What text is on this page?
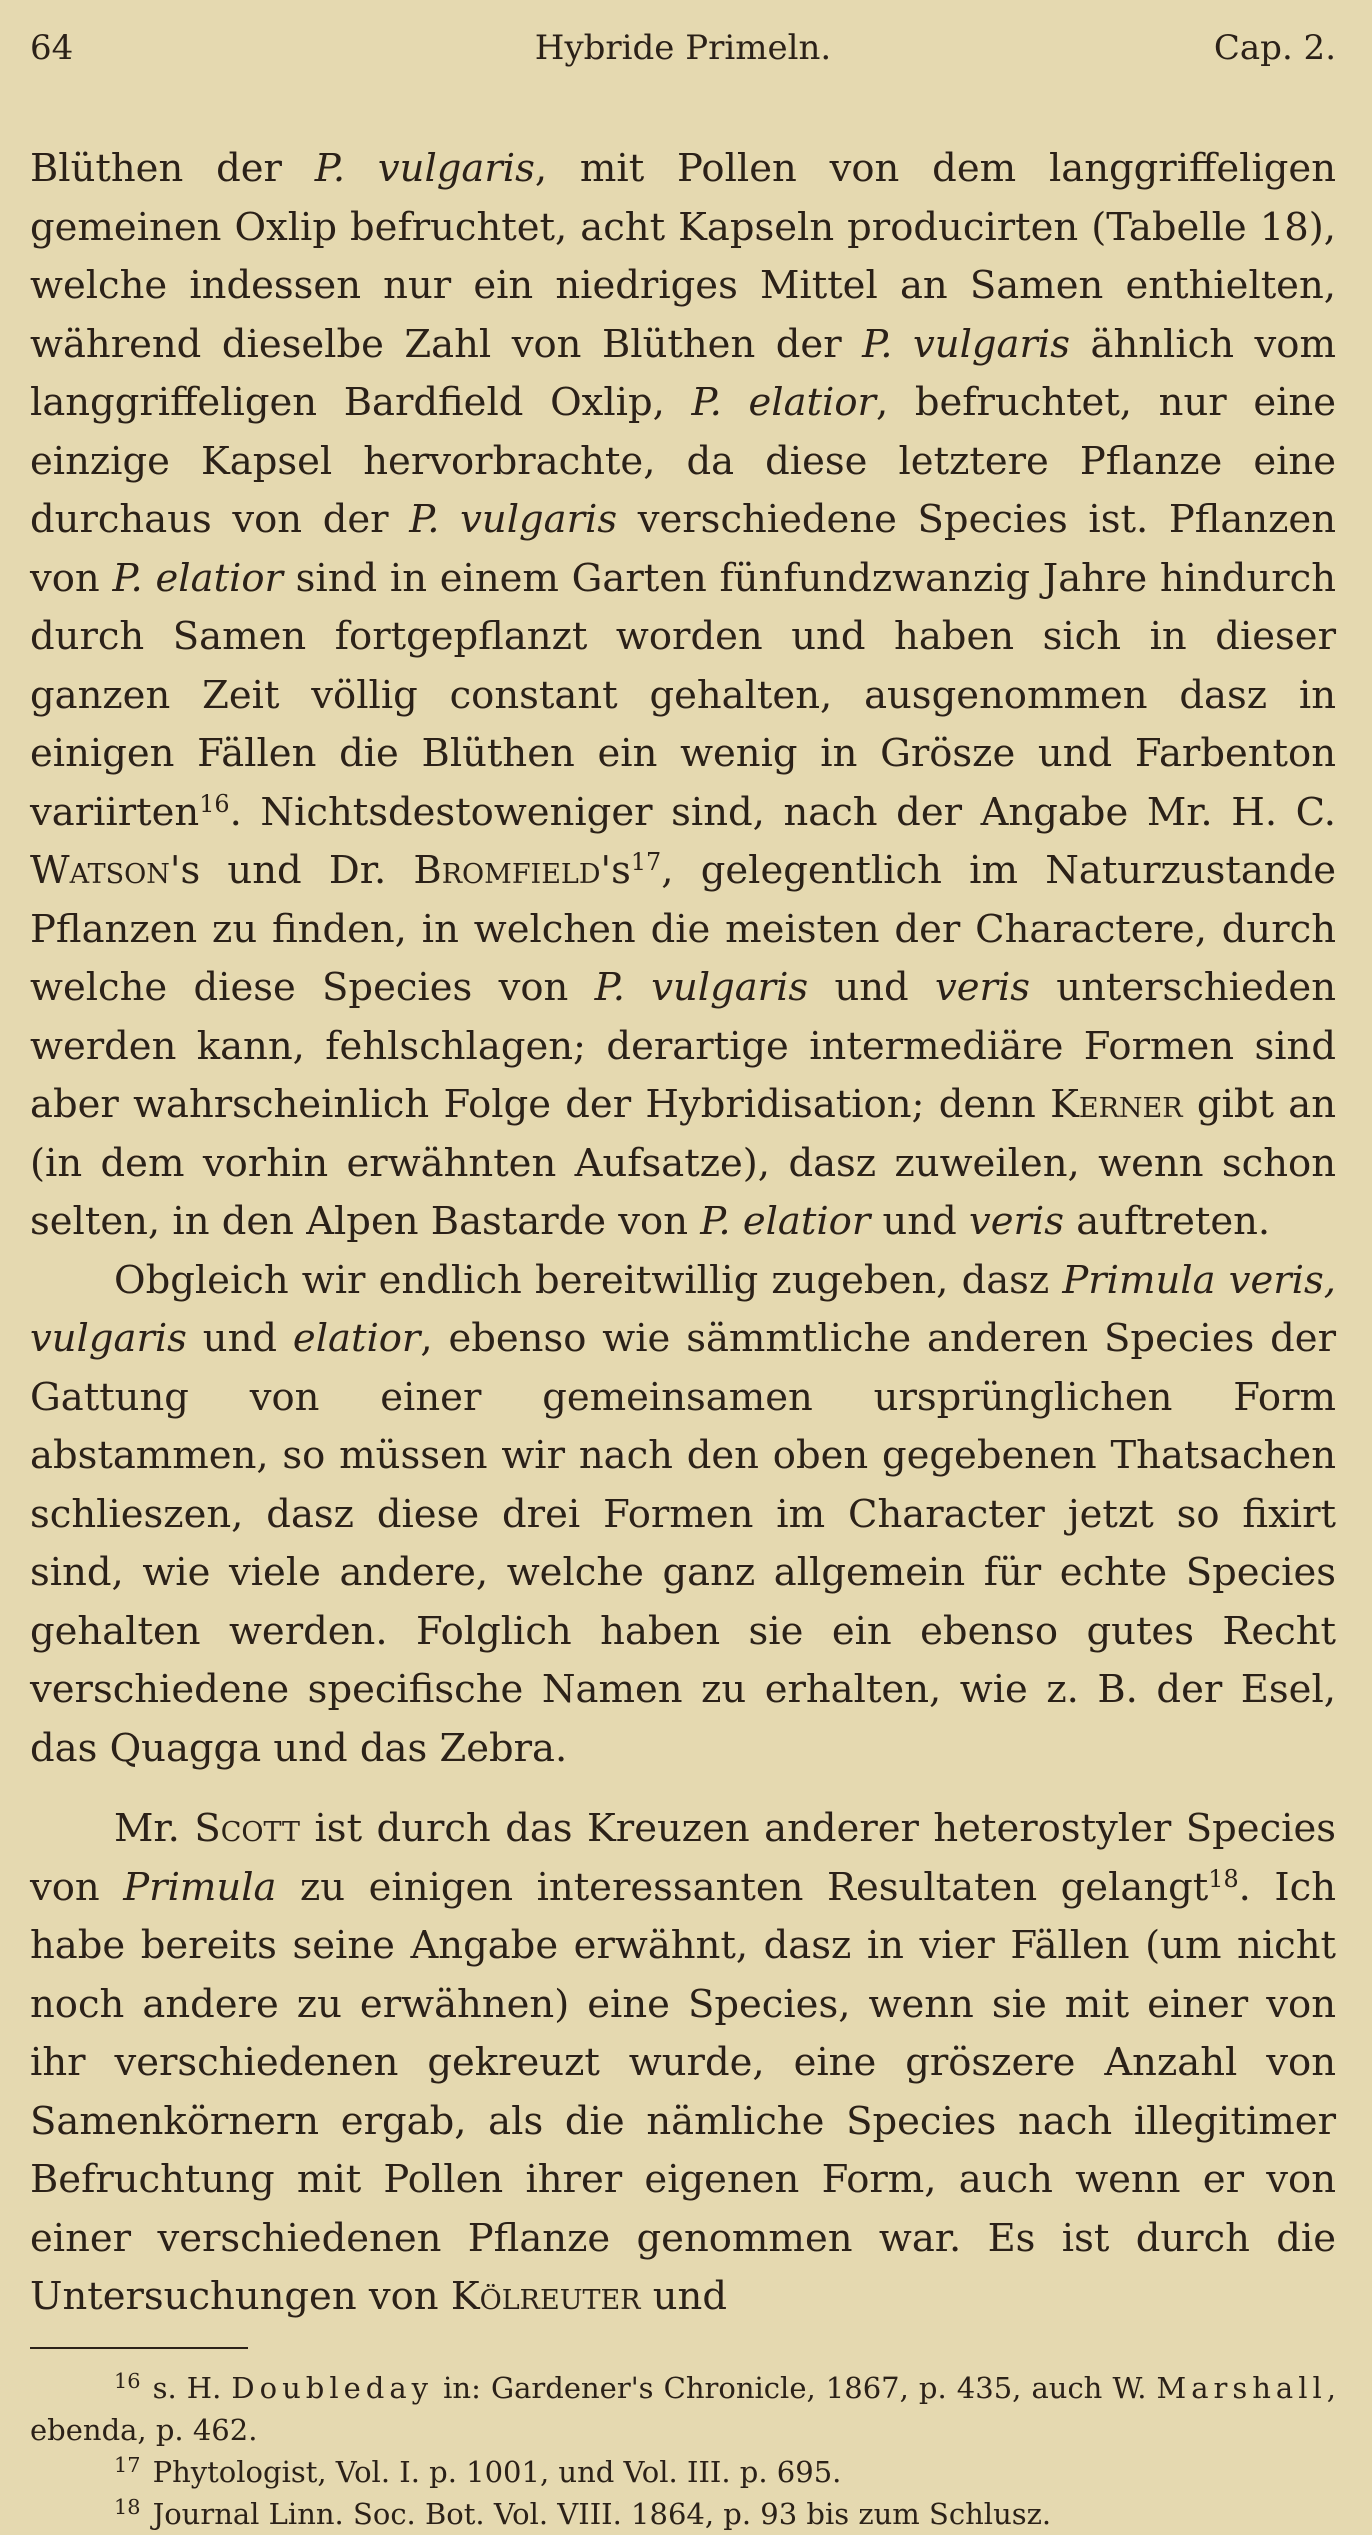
64	Hybride Primeln.	Cap. 2.

Blüthen der P. vulgaris, mit Pollen von dem langgriffeligen gemeinen Oxlip befruchtet, acht Kapseln producirten (Tabelle 18), welche indessen nur ein niedriges Mittel an Samen enthielten, während dieselbe Zahl von Blüthen der P. vulgaris ähnlich vom langgriffeligen Bardfield Oxlip, P. elatior, befruchtet, nur eine einzige Kapsel hervorbrachte, da diese letztere Pflanze eine durchaus von der P. vulgaris verschiedene Species ist. Pflanzen von P. elatior sind in einem Garten fünfundzwanzig Jahre hindurch durch Samen fortgepflanzt worden und haben sich in dieser ganzen Zeit völlig constant gehalten, ausgenommen dasz in einigen Fällen die Blüthen ein wenig in Grösze und Farbenton variirten$^{16}$. Nichtsdestoweniger sind, nach der Angabe Mr. H. C. Watson's und Dr. Bromfield's$^{17}$, gelegentlich im Naturzustande Pflanzen zu finden, in welchen die meisten der Charactere, durch welche diese Species von P. vulgaris und veris unterschieden werden kann, fehlschlagen; derartige intermediäre Formen sind aber wahrscheinlich Folge der Hybridisation; denn Kerner gibt an (in dem vorhin erwähnten Aufsatze), dasz zuweilen, wenn schon selten, in den Alpen Bastarde von P. elatior und veris auftreten.

Obgleich wir endlich bereitwillig zugeben, dasz Primula veris, vulgaris und elatior, ebenso wie sämmtliche anderen Species der Gattung von einer gemeinsamen ursprünglichen Form abstammen, so müssen wir nach den oben gegebenen Thatsachen schlieszen, dasz diese drei Formen im Character jetzt so fixirt sind, wie viele andere, welche ganz allgemein für echte Species gehalten werden. Folglich haben sie ein ebenso gutes Recht verschiedene specifische Namen zu erhalten, wie z. B. der Esel, das Quagga und das Zebra.

Mr. Scott ist durch das Kreuzen anderer heterostyler Species von Primula zu einigen interessanten Resultaten gelangt$^{18}$. Ich habe bereits seine Angabe erwähnt, dasz in vier Fällen (um nicht noch andere zu erwähnen) eine Species, wenn sie mit einer von ihr verschiedenen gekreuzt wurde, eine gröszere Anzahl von Samenkörnern ergab, als die nämliche Species nach illegitimer Befruchtung mit Pollen ihrer eigenen Form, auch wenn er von einer verschiedenen Pflanze genommen war. Es ist durch die Untersuchungen von Kölreuter und

$^{16}$ s. H. Doubleday in: Gardener's Chronicle, 1867, p. 435, auch W. Marshall, ebenda, p. 462.

$^{17}$ Phytologist, Vol. I. p. 1001, und Vol. III. p. 695.

$^{18}$ Journal Linn. Soc. Bot. Vol. VIII. 1864, p. 93 bis zum Schlusz.
